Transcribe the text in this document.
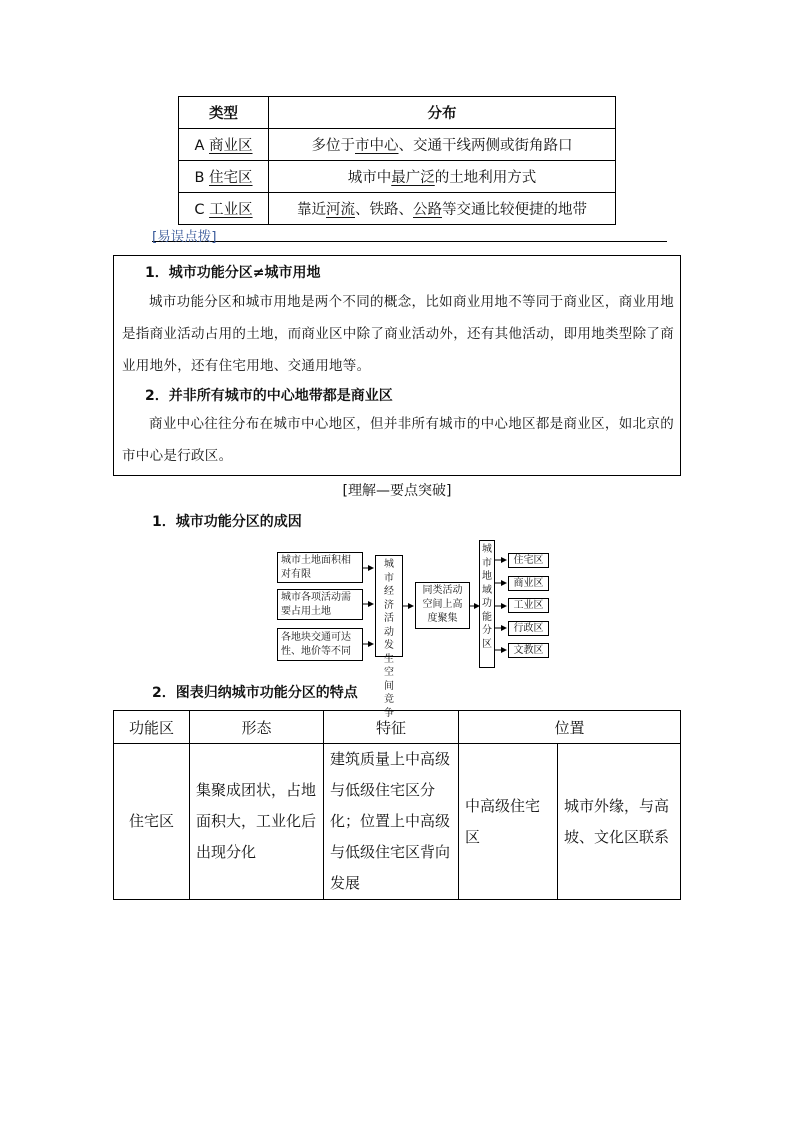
类型	分布
A 商业区	多位于市中心、交通干线两侧或街角路口
B 住宅区	城市中最广泛的土地利用方式
C 工业区	靠近河流、铁路、公路等交通比较便捷的地带
[易误点拨]
1．城市功能分区≠城市用地
城市功能分区和城市用地是两个不同的概念，比如商业用地不等同于商业区，商业用地是指商业活动占用的土地，而商业区中除了商业活动外，还有其他活动，即用地类型除了商业用地外，还有住宅用地、交通用地等。
2．并非所有城市的中心地带都是商业区
商业中心往往分布在城市中心地区，但并非所有城市的中心地区都是商业区，如北京的市中心是行政区。
[理解—要点突破]
1．城市功能分区的成因
城市土地面积相对有限
城市各项活动需要占用土地
各地块交通可达性、地价等不同
城市经济活动发生空间竞争
同类活动空间上高度聚集
城市地域功能分区
住宅区
商业区
工业区
行政区
文教区
2．图表归纳城市功能分区的特点
功能区	形态	特征	位置	
住宅区	集聚成团状，占地面积大，工业化后出现分化	建筑质量上中高级与低级住宅区分化；位置上中高级与低级住宅区背向发展	中高级住宅区	城市外缘，与高坡、文化区联系
